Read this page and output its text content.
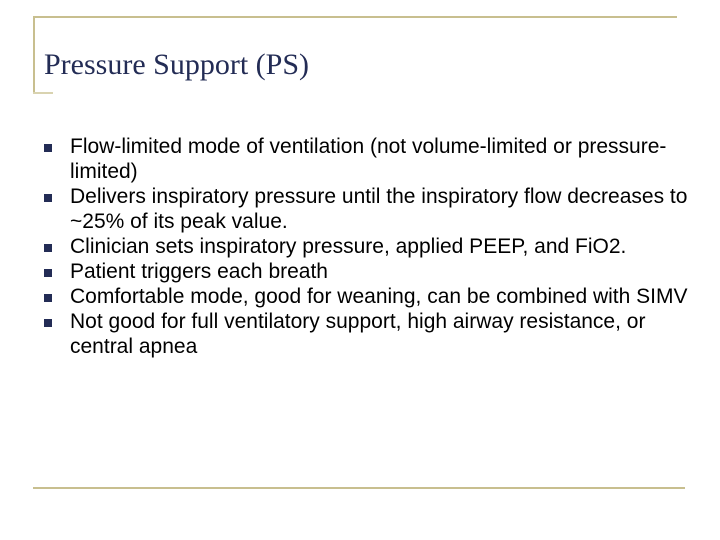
Pressure Support (PS)
Flow-limited mode of ventilation (not volume-limited or pressure-limited)
Delivers inspiratory pressure until the inspiratory flow decreases to ~25% of its peak value.
Clinician sets inspiratory pressure, applied PEEP, and FiO2.
Patient triggers each breath
Comfortable mode, good for weaning, can be combined with SIMV
Not good for full ventilatory support, high airway resistance, or central apnea
